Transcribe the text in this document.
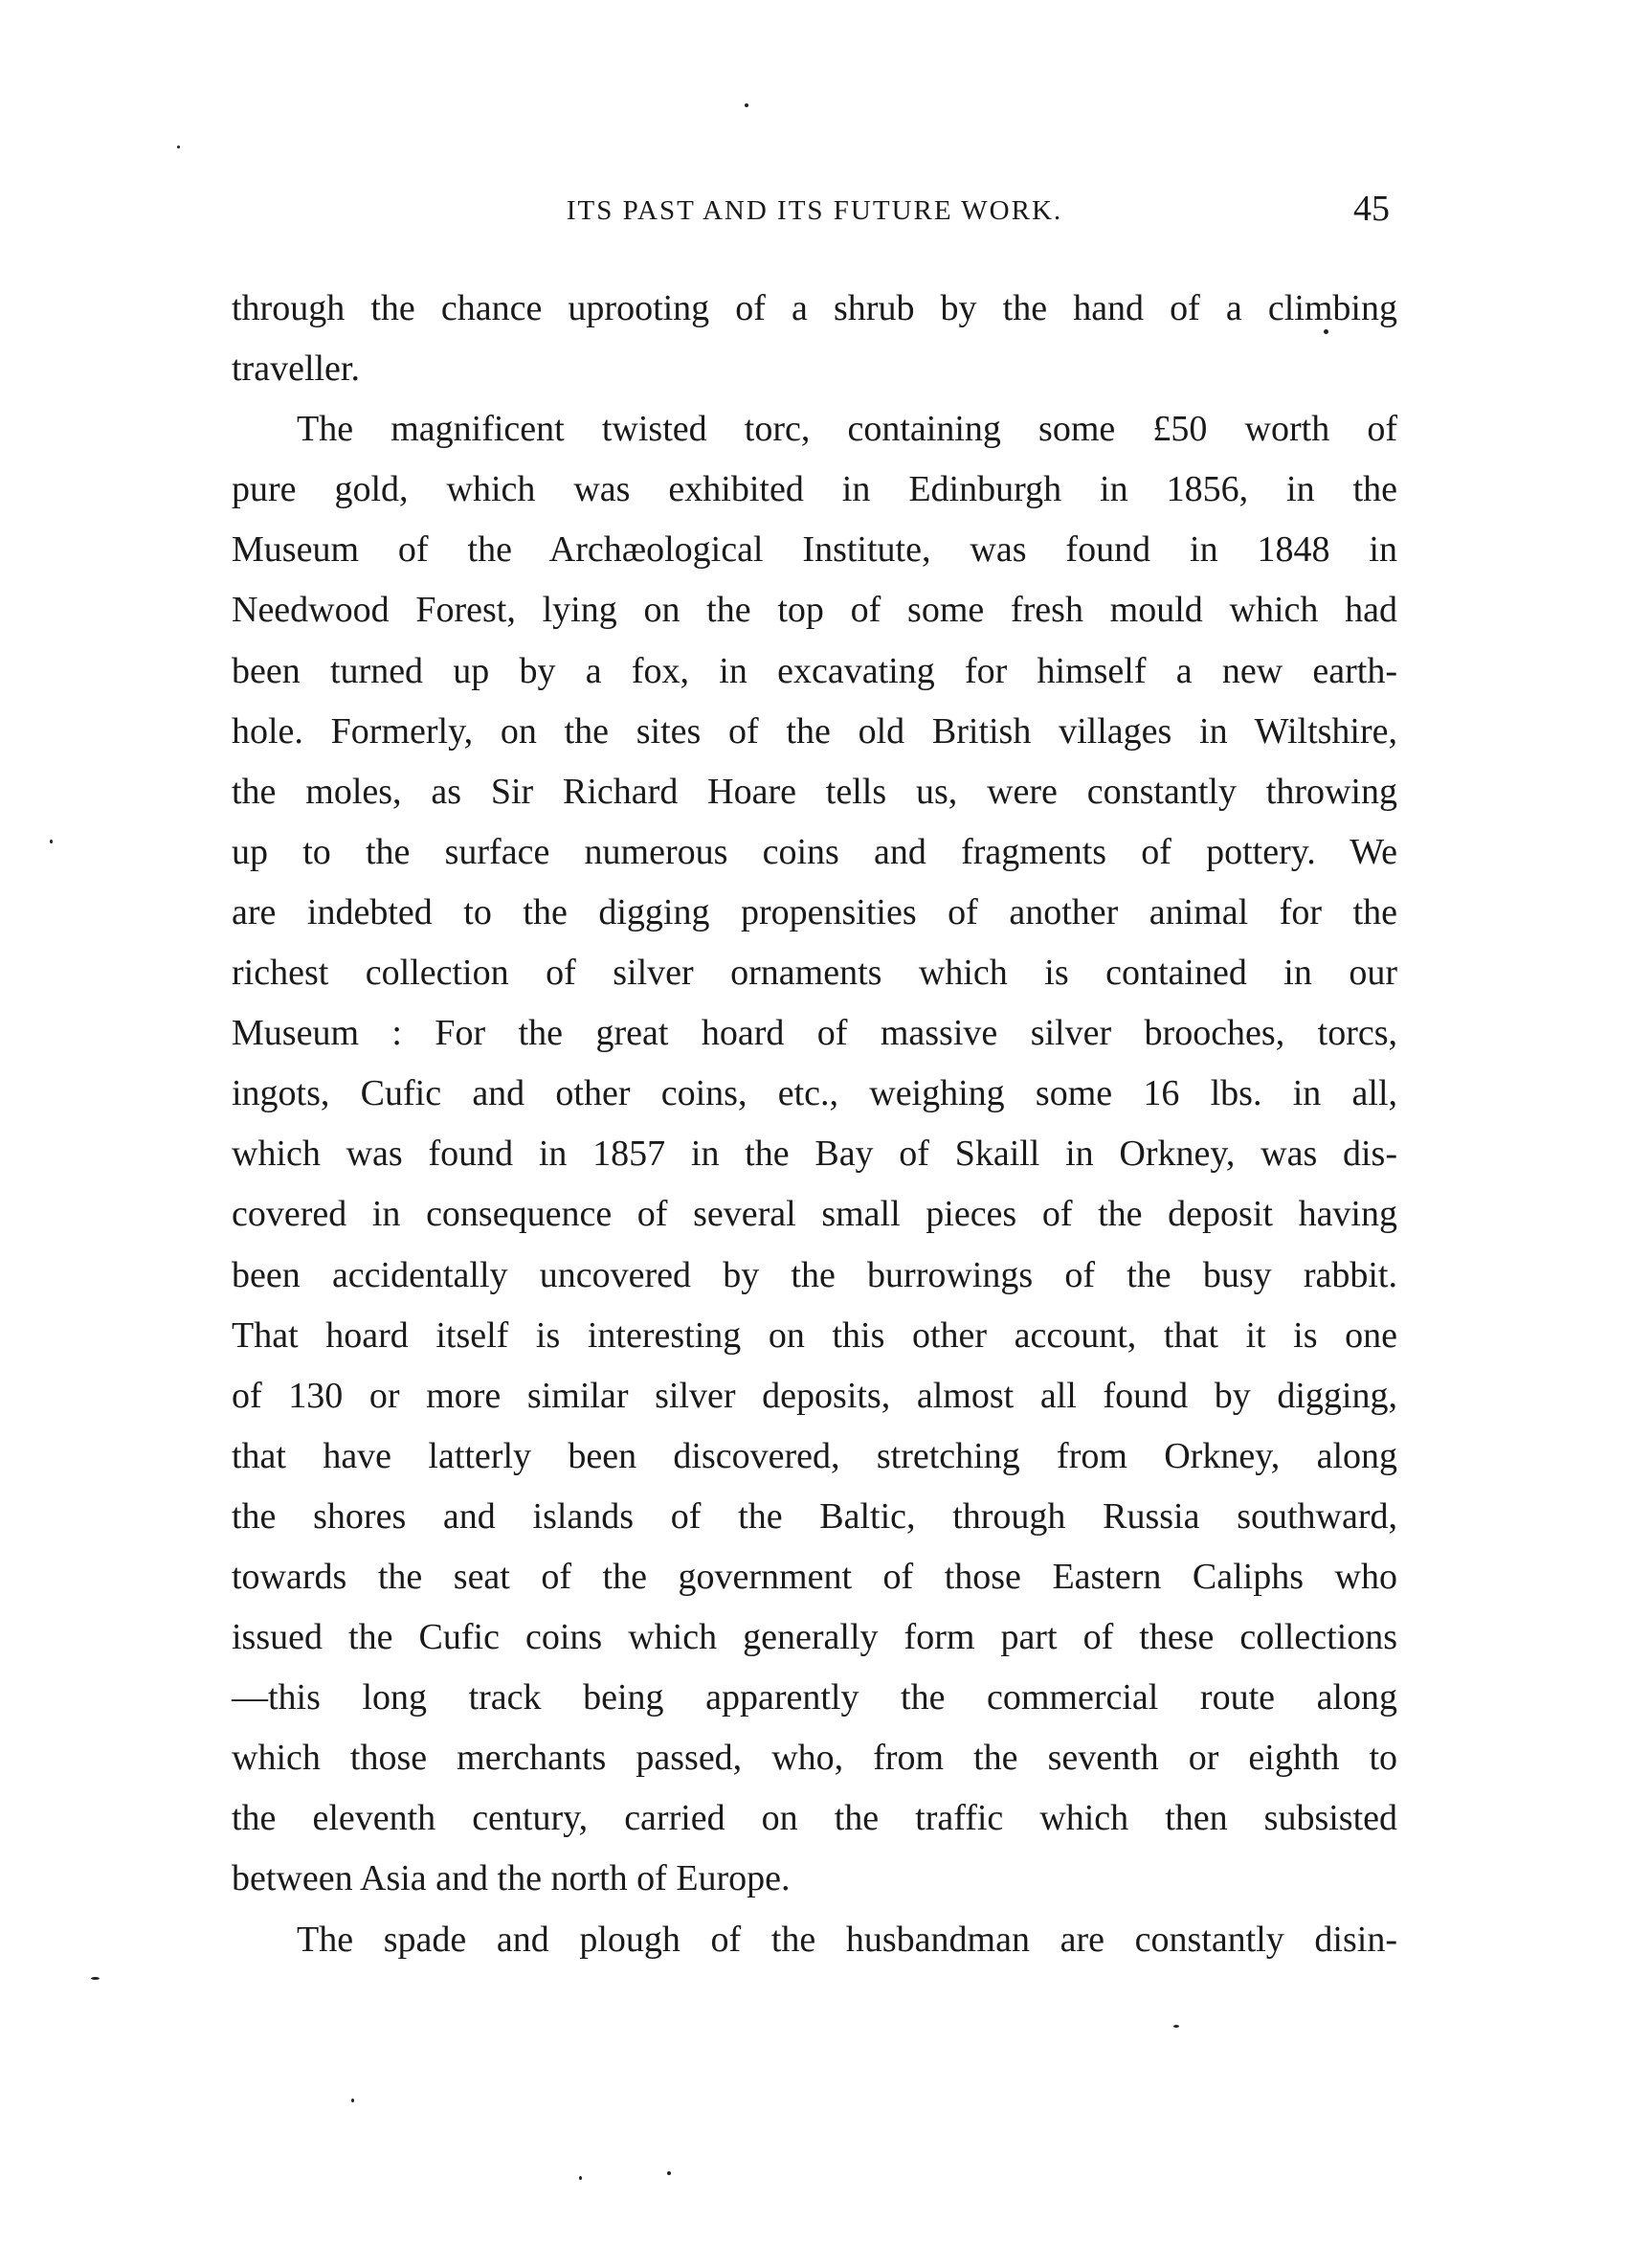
ITS PAST AND ITS FUTURE WORK.	45
through the chance uprooting of a shrub by the hand of a climbing
traveller.
The magnificent twisted torc, containing some £50 worth of
pure gold, which was exhibited in Edinburgh in 1856, in the
Museum of the Archæological Institute, was found in 1848 in
Needwood Forest, lying on the top of some fresh mould which had
been turned up by a fox, in excavating for himself a new earth-
hole. Formerly, on the sites of the old British villages in Wiltshire,
the moles, as Sir Richard Hoare tells us, were constantly throwing
up to the surface numerous coins and fragments of pottery. We
are indebted to the digging propensities of another animal for the
richest collection of silver ornaments which is contained in our
Museum : For the great hoard of massive silver brooches, torcs,
ingots, Cufic and other coins, etc., weighing some 16 lbs. in all,
which was found in 1857 in the Bay of Skaill in Orkney, was dis-
covered in consequence of several small pieces of the deposit having
been accidentally uncovered by the burrowings of the busy rabbit.
That hoard itself is interesting on this other account, that it is one
of 130 or more similar silver deposits, almost all found by digging,
that have latterly been discovered, stretching from Orkney, along
the shores and islands of the Baltic, through Russia southward,
towards the seat of the government of those Eastern Caliphs who
issued the Cufic coins which generally form part of these collections
—this long track being apparently the commercial route along
which those merchants passed, who, from the seventh or eighth to
the eleventh century, carried on the traffic which then subsisted
between Asia and the north of Europe.
The spade and plough of the husbandman are constantly disin-
